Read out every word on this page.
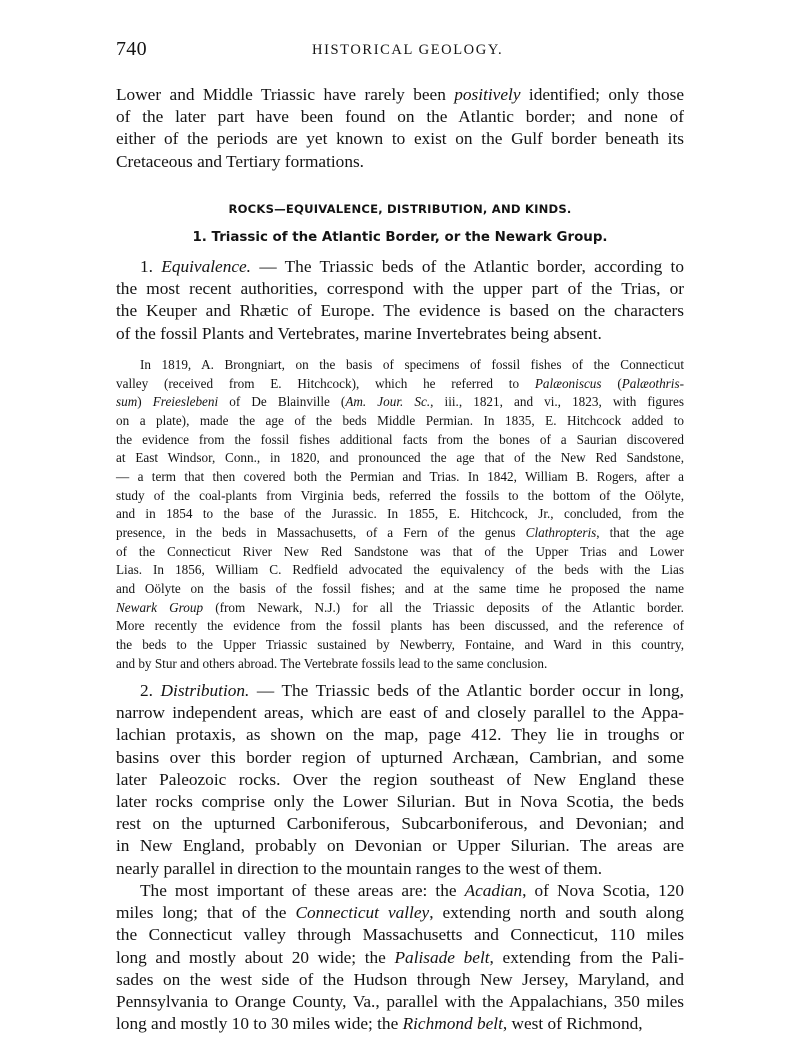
740	HISTORICAL GEOLOGY.
Lower and Middle Triassic have rarely been positively identified; only those
of the later part have been found on the Atlantic border; and none of
either of the periods are yet known to exist on the Gulf border beneath its
Cretaceous and Tertiary formations.
ROCKS—EQUIVALENCE, DISTRIBUTION, AND KINDS.
1. Triassic of the Atlantic Border, or the Newark Group.
1. Equivalence. — The Triassic beds of the Atlantic border, according to
the most recent authorities, correspond with the upper part of the Trias, or
the Keuper and Rhætic of Europe. The evidence is based on the characters
of the fossil Plants and Vertebrates, marine Invertebrates being absent.
In 1819, A. Brongniart, on the basis of specimens of fossil fishes of the Connecticut
valley (received from E. Hitchcock), which he referred to Palæoniscus (Palæothris-
sum) Freieslebeni of De Blainville (Am. Jour. Sc., iii., 1821, and vi., 1823, with figures
on a plate), made the age of the beds Middle Permian. In 1835, E. Hitchcock added to
the evidence from the fossil fishes additional facts from the bones of a Saurian discovered
at East Windsor, Conn., in 1820, and pronounced the age that of the New Red Sandstone,
— a term that then covered both the Permian and Trias. In 1842, William B. Rogers, after a
study of the coal-plants from Virginia beds, referred the fossils to the bottom of the Oölyte,
and in 1854 to the base of the Jurassic. In 1855, E. Hitchcock, Jr., concluded, from the
presence, in the beds in Massachusetts, of a Fern of the genus Clathropteris, that the age
of the Connecticut River New Red Sandstone was that of the Upper Trias and Lower
Lias. In 1856, William C. Redfield advocated the equivalency of the beds with the Lias
and Oölyte on the basis of the fossil fishes; and at the same time he proposed the name
Newark Group (from Newark, N.J.) for all the Triassic deposits of the Atlantic border.
More recently the evidence from the fossil plants has been discussed, and the reference of
the beds to the Upper Triassic sustained by Newberry, Fontaine, and Ward in this country,
and by Stur and others abroad. The Vertebrate fossils lead to the same conclusion.
2. Distribution. — The Triassic beds of the Atlantic border occur in long,
narrow independent areas, which are east of and closely parallel to the Appa-
lachian protaxis, as shown on the map, page 412. They lie in troughs or
basins over this border region of upturned Archæan, Cambrian, and some
later Paleozoic rocks. Over the region southeast of New England these
later rocks comprise only the Lower Silurian. But in Nova Scotia, the beds
rest on the upturned Carboniferous, Subcarboniferous, and Devonian; and
in New England, probably on Devonian or Upper Silurian. The areas are
nearly parallel in direction to the mountain ranges to the west of them.
The most important of these areas are: the Acadian, of Nova Scotia, 120
miles long; that of the Connecticut valley, extending north and south along
the Connecticut valley through Massachusetts and Connecticut, 110 miles
long and mostly about 20 wide; the Palisade belt, extending from the Pali-
sades on the west side of the Hudson through New Jersey, Maryland, and
Pennsylvania to Orange County, Va., parallel with the Appalachians, 350 miles
long and mostly 10 to 30 miles wide; the Richmond belt, west of Richmond,
